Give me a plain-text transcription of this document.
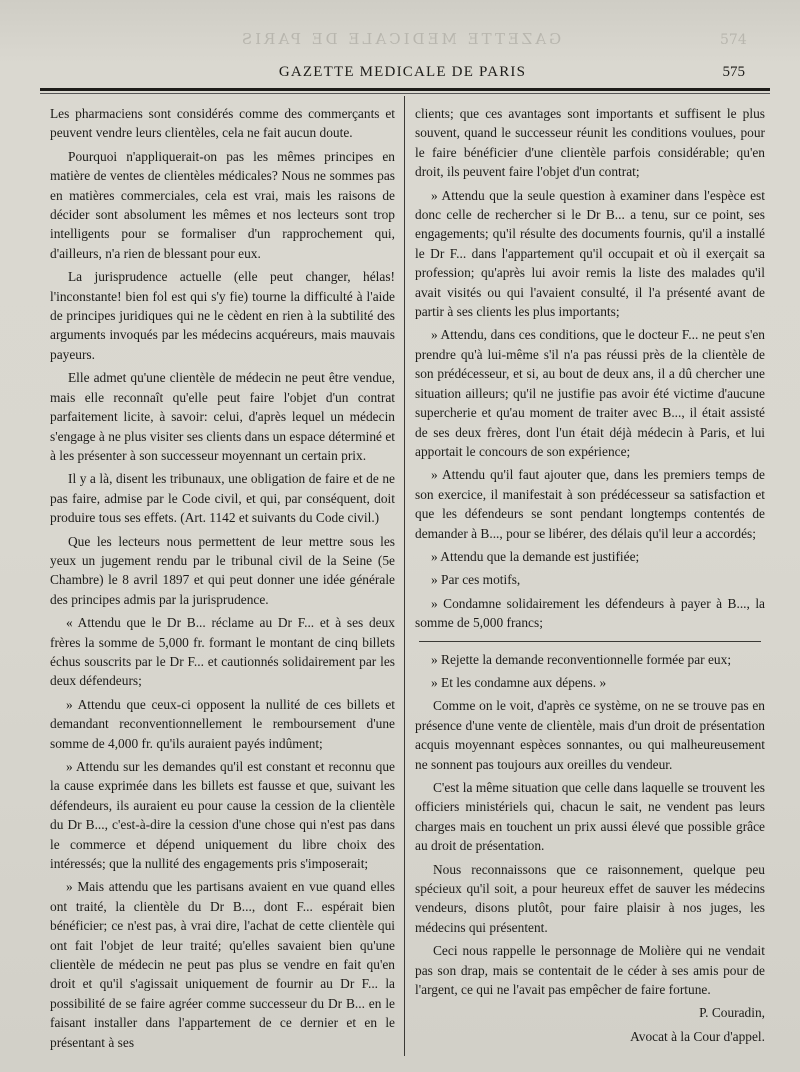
GAZETTE MEDICALE DE PARIS	574
GAZETTE MEDICALE DE PARIS	575

Les pharmaciens sont considérés comme des commerçants et peuvent vendre leurs clientèles, cela ne fait aucun doute.

Pourquoi n'appliquerait-on pas les mêmes principes en matière de ventes de clientèles médicales? Nous ne sommes pas en matières commerciales, cela est vrai, mais les raisons de décider sont absolument les mêmes et nos lecteurs sont trop intelligents pour se formaliser d'un rapprochement qui, d'ailleurs, n'a rien de blessant pour eux.

La jurisprudence actuelle (elle peut changer, hélas! l'inconstante! bien fol est qui s'y fie) tourne la difficulté à l'aide de principes juridiques qui ne le cèdent en rien à la subtilité des arguments invoqués par les médecins acquéreurs, mais mauvais payeurs.

Elle admet qu'une clientèle de médecin ne peut être vendue, mais elle reconnaît qu'elle peut faire l'objet d'un contrat parfaitement licite, à savoir: celui, d'après lequel un médecin s'engage à ne plus visiter ses clients dans un espace déterminé et à les présenter à son successeur moyennant un certain prix.

Il y a là, disent les tribunaux, une obligation de faire et de ne pas faire, admise par le Code civil, et qui, par conséquent, doit produire tous ses effets. (Art. 1142 et suivants du Code civil.)

Que les lecteurs nous permettent de leur mettre sous les yeux un jugement rendu par le tribunal civil de la Seine (5e Chambre) le 8 avril 1897 et qui peut donner une idée générale des principes admis par la jurisprudence.

« Attendu que le Dr B... réclame au Dr F... et à ses deux frères la somme de 5,000 fr. formant le montant de cinq billets échus souscrits par le Dr F... et cautionnés solidairement par les deux défendeurs;

» Attendu que ceux-ci opposent la nullité de ces billets et demandant reconventionnellement le remboursement d'une somme de 4,000 fr. qu'ils auraient payés indûment;

» Attendu sur les demandes qu'il est constant et reconnu que la cause exprimée dans les billets est fausse et que, suivant les défendeurs, ils auraient eu pour cause la cession de la clientèle du Dr B..., c'est-à-dire la cession d'une chose qui n'est pas dans le commerce et dépend uniquement du libre choix des intéressés; que la nullité des engagements pris s'imposerait;

» Mais attendu que les partisans avaient en vue quand elles ont traité, la clientèle du Dr B..., dont F... espérait bien bénéficier; ce n'est pas, à vrai dire, l'achat de cette clientèle qui ont fait l'objet de leur traité; qu'elles savaient bien qu'une clientèle de médecin ne peut pas plus se vendre en fait qu'en droit et qu'il s'agissait uniquement de fournir au Dr F... la possibilité de se faire agréer comme successeur du Dr B... en le faisant installer dans l'appartement de ce dernier et en le présentant à ses

clients; que ces avantages sont importants et suffisent le plus souvent, quand le successeur réunit les conditions voulues, pour le faire bénéficier d'une clientèle parfois considérable; qu'en droit, ils peuvent faire l'objet d'un contrat;

» Attendu que la seule question à examiner dans l'espèce est donc celle de rechercher si le Dr B... a tenu, sur ce point, ses engagements; qu'il résulte des documents fournis, qu'il a installé le Dr F... dans l'appartement qu'il occupait et où il exerçait sa profession; qu'après lui avoir remis la liste des malades qu'il avait visités ou qui l'avaient consulté, il l'a présenté avant de partir à ses clients les plus importants;

» Attendu, dans ces conditions, que le docteur F... ne peut s'en prendre qu'à lui-même s'il n'a pas réussi près de la clientèle de son prédécesseur, et si, au bout de deux ans, il a dû chercher une situation ailleurs; qu'il ne justifie pas avoir été victime d'aucune supercherie et qu'au moment de traiter avec B..., il était assisté de ses deux frères, dont l'un était déjà médecin à Paris, et lui apportait le concours de son expérience;

» Attendu qu'il faut ajouter que, dans les premiers temps de son exercice, il manifestait à son prédécesseur sa satisfaction et que les défendeurs se sont pendant longtemps contentés de demander à B..., pour se libérer, des délais qu'il leur a accordés;

» Attendu que la demande est justifiée;

» Par ces motifs,

» Condamne solidairement les défendeurs à payer à B..., la somme de 5,000 francs;

» Rejette la demande reconventionnelle formée par eux;

» Et les condamne aux dépens. »

Comme on le voit, d'après ce système, on ne se trouve pas en présence d'une vente de clientèle, mais d'un droit de présentation acquis moyennant espèces sonnantes, ou qui malheureusement ne sonnent pas toujours aux oreilles du vendeur.

C'est la même situation que celle dans laquelle se trouvent les officiers ministériels qui, chacun le sait, ne vendent pas leurs charges mais en touchent un prix aussi élevé que possible grâce au droit de présentation.

Nous reconnaissons que ce raisonnement, quelque peu spécieux qu'il soit, a pour heureux effet de sauver les médecins vendeurs, disons plutôt, pour faire plaisir à nos juges, les médecins qui présentent.

Ceci nous rappelle le personnage de Molière qui ne vendait pas son drap, mais se contentait de le céder à ses amis pour de l'argent, ce qui ne l'avait pas empêcher de faire fortune.

P. Couradin,

Avocat à la Cour d'appel.
